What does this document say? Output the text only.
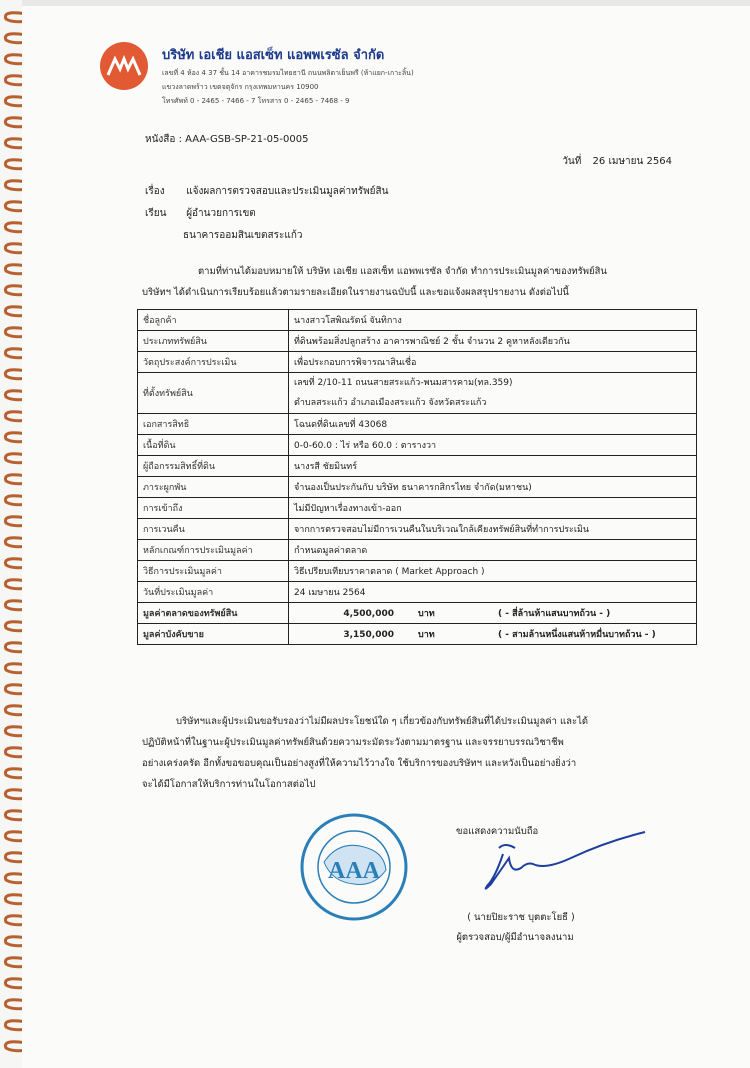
บริษัท เอเชีย แอสเซ็ท แอพพเรซัล จำกัด
เลขที่ 4 ห้อง 4 37 ชั้น 14 อาคารชมรมไทยธานี ถนนพลิตาเย็นพรี (ห้าแยก-เกาะลิ้น)
แขวงลาดพร้าว เขตจตุจักร กรุงเทพมหานคร 10900
โทรศัพท์ 0 - 2465 - 7466 - 7 โทรสาร 0 - 2465 - 7468 - 9
หนังสือ : AAA-GSB-SP-21-05-0005
วันที่ 26 เมษายน 2564
เรื่อง แจ้งผลการตรวจสอบและประเมินมูลค่าทรัพย์สิน
เรียน ผู้อำนวยการเขต
ธนาคารออมสินเขตสระแก้ว
ตามที่ท่านได้มอบหมายให้ บริษัท เอเชีย แอสเซ็ท แอพพเรซัล จำกัด ทำการประเมินมูลค่าของทรัพย์สิน
บริษัทฯ ได้ดำเนินการเรียบร้อยแล้วตามรายละเอียดในรายงานฉบับนี้ และขอแจ้งผลสรุปรายงาน ดังต่อไปนี้
ชื่อลูกค้า	นางสาวโสพิณรัตน์ จันทิกาง
ประเภททรัพย์สิน	ที่ดินพร้อมสิ่งปลูกสร้าง อาคารพาณิชย์ 2 ชั้น จำนวน 2 คูหาหลังเดียวกัน
วัตถุประสงค์การประเมิน	เพื่อประกอบการพิจารณาสินเชื่อ
ที่ตั้งทรัพย์สิน	เลขที่ 2/10-11 ถนนสายสระแก้ว-พนมสารคาม(ทล.359)
ตำบลสระแก้ว อำเภอเมืองสระแก้ว จังหวัดสระแก้ว

เอกสารสิทธิ	โฉนดที่ดินเลขที่ 43068
เนื้อที่ดิน	0-0-60.0 : ไร่ หรือ 60.0 : ตารางวา
ผู้ถือกรรมสิทธิ์ที่ดิน	นางรสี ชัยมินทร์
ภาระผูกพัน	จำนองเป็นประกันกับ บริษัท ธนาคารกสิกรไทย จำกัด(มหาชน)
การเข้าถึง	ไม่มีปัญหาเรื่องทางเข้า-ออก
การเวนคืน	จากการตรวจสอบไม่มีการเวนคืนในบริเวณใกล้เคียงทรัพย์สินที่ทำการประเมิน
หลักเกณฑ์การประเมินมูลค่า	กำหนดมูลค่าตลาด
วิธีการประเมินมูลค่า	วิธีเปรียบเทียบราคาตลาด ( Market Approach )
วันที่ประเมินมูลค่า	24 เมษายน 2564
มูลค่าตลาดของทรัพย์สิน	4,500,000 บาท ( - สี่ล้านห้าแสนบาทถ้วน - )
มูลค่าบังคับขาย	3,150,000 บาท ( - สามล้านหนึ่งแสนห้าหมื่นบาทถ้วน - )
บริษัทฯและผู้ประเมินขอรับรองว่าไม่มีผลประโยชน์ใด ๆ เกี่ยวข้องกับทรัพย์สินที่ได้ประเมินมูลค่า และได้
ปฏิบัติหน้าที่ในฐานะผู้ประเมินมูลค่าทรัพย์สินด้วยความระมัดระวังตามมาตรฐาน และจรรยาบรรณวิชาชีพ
อย่างเคร่งครัด อีกทั้งขอขอบคุณเป็นอย่างสูงที่ให้ความไว้วางใจ ใช้บริการของบริษัทฯ และหวังเป็นอย่างยิ่งว่า
จะได้มีโอกาสให้บริการท่านในโอกาสต่อไป
ขอแสดงความนับถือ
AAA
( นายปิยะราช บุตตะโยธี )
ผู้ตรวจสอบ/ผู้มีอำนาจลงนาม
